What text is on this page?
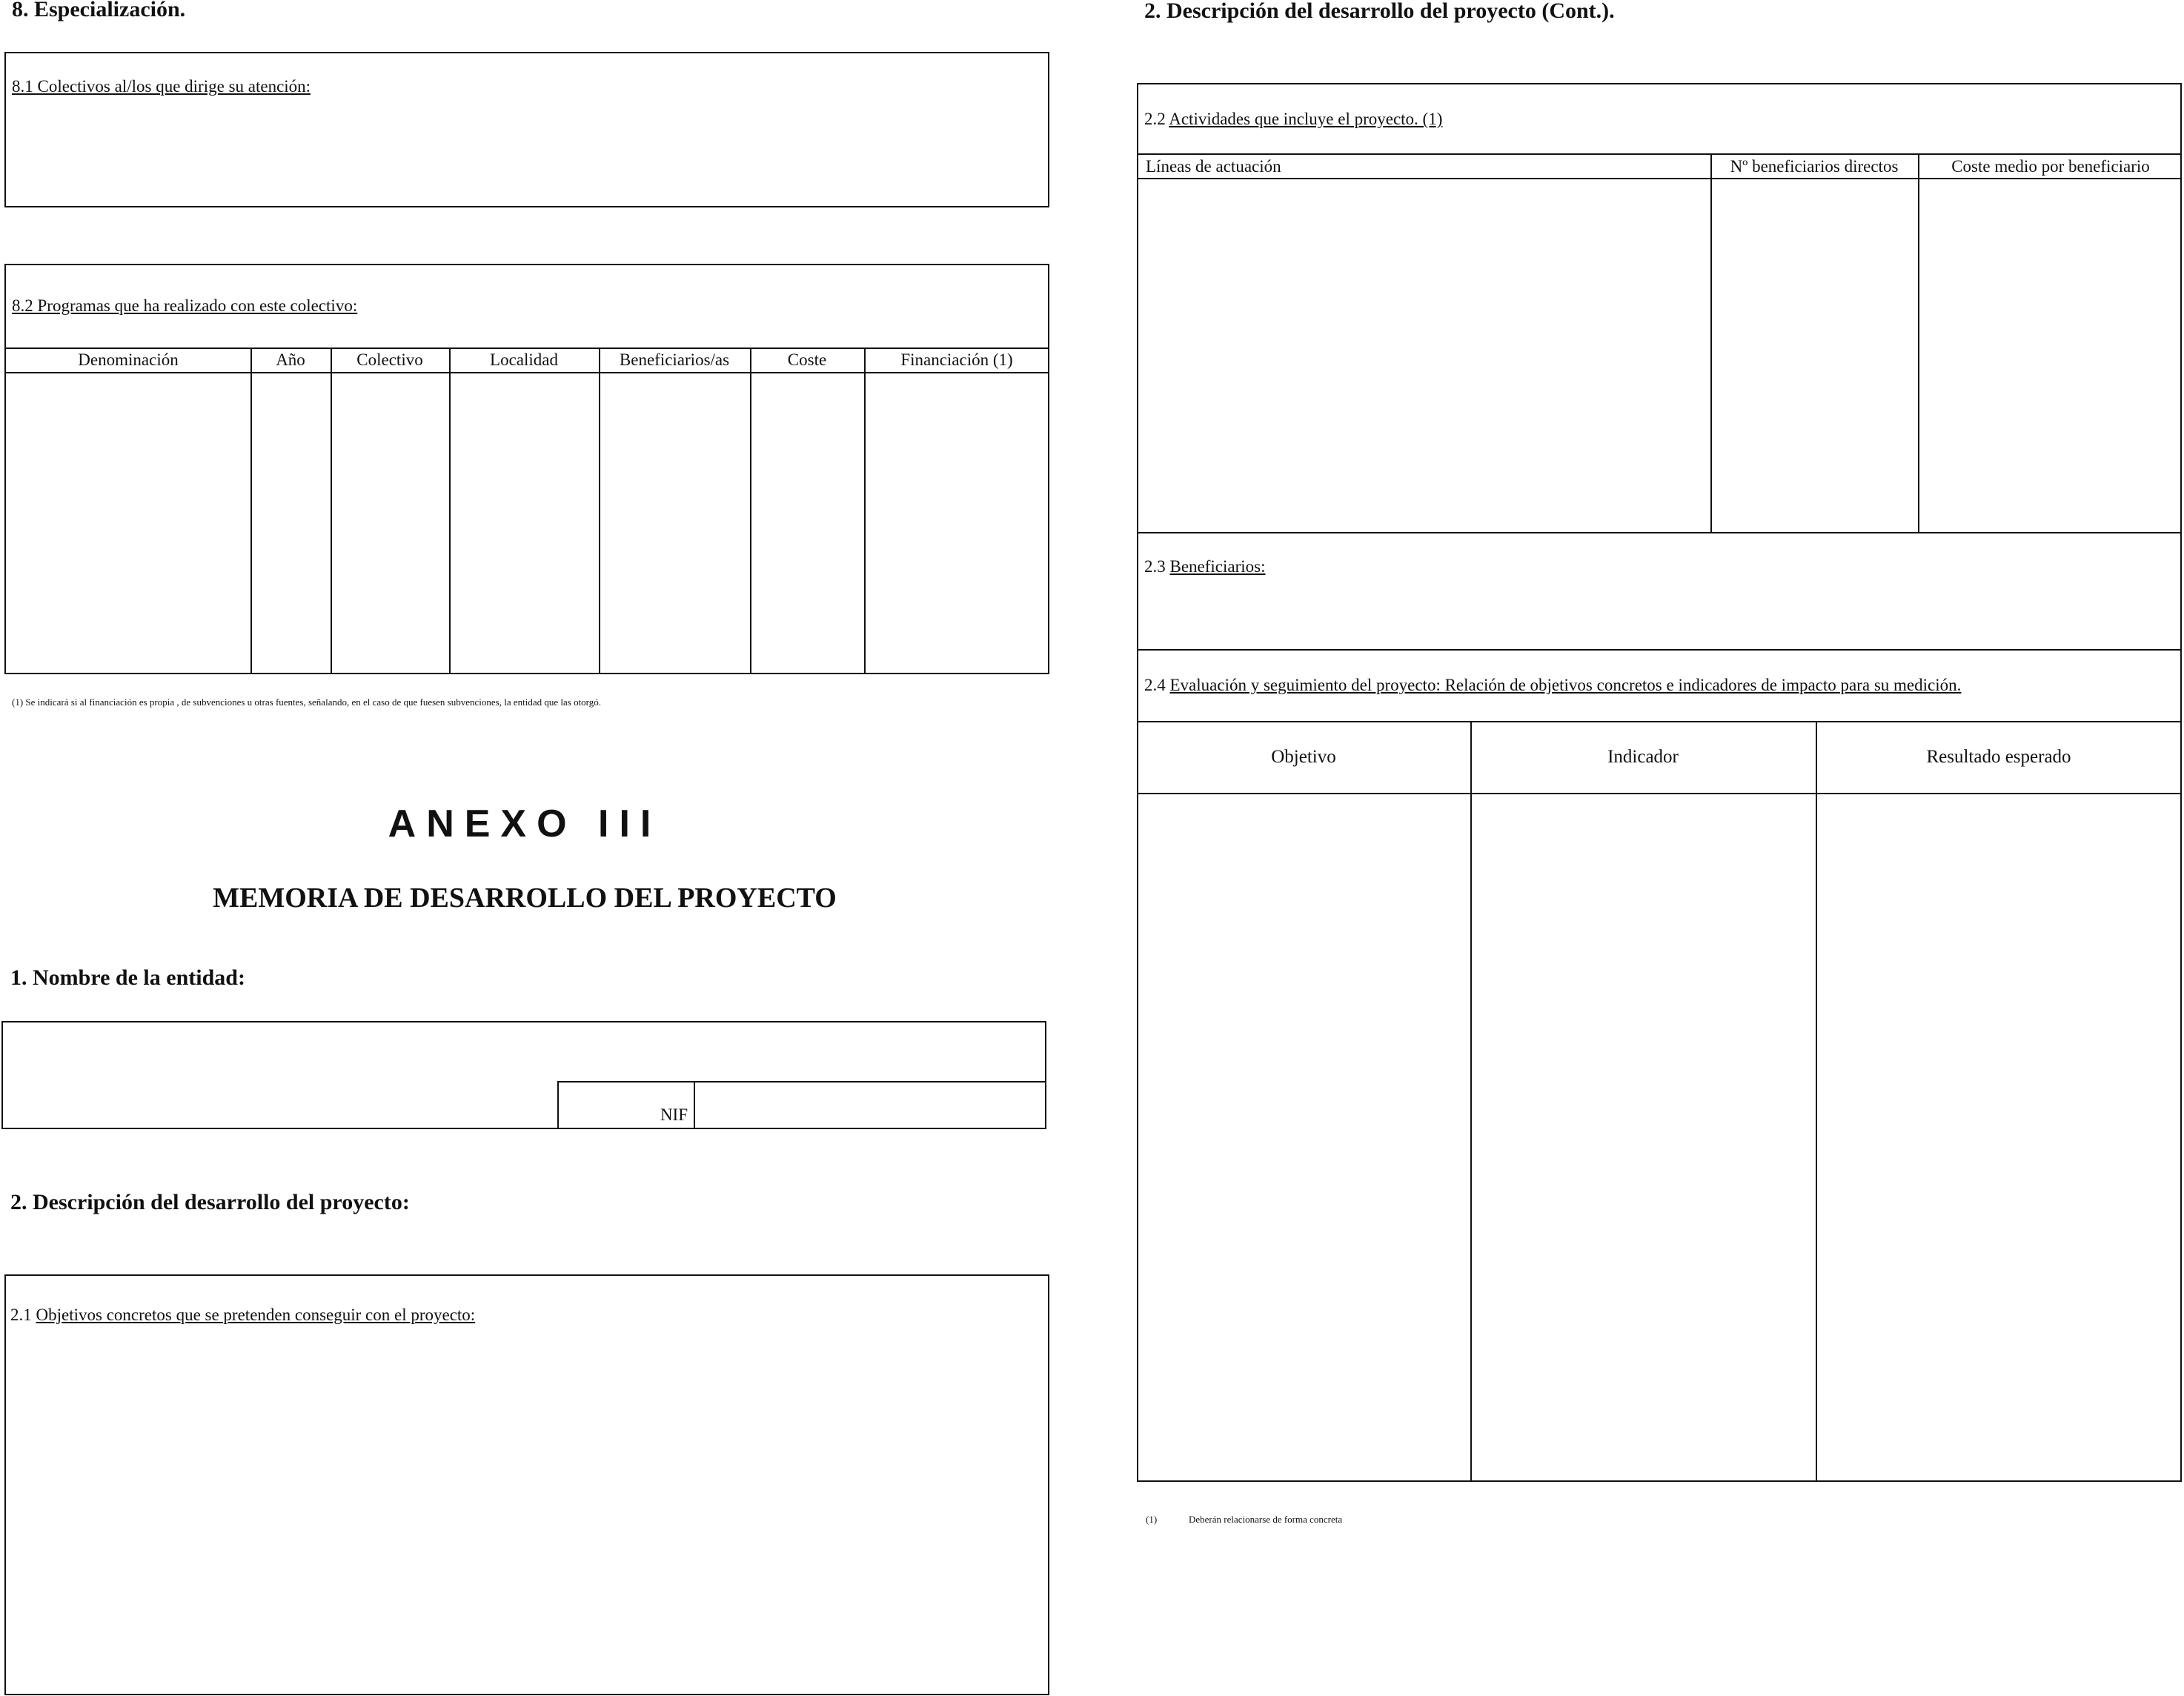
8. Especialización.
8.1 Colectivos al/los que dirige su atención:
8.2 Programas que ha realizado con este colectivo:
Denominación	Año	Colectivo	Localidad	Beneficiarios/as	Coste	Financiación (1)
(1) Se indicará si al financiación es propia , de subvenciones u otras fuentes, señalando, en el caso de que fuesen subvenciones, la entidad que las otorgó.
ANEXO III
MEMORIA DE DESARROLLO DEL PROYECTO
1. Nombre de la entidad:
NIF
2. Descripción del desarrollo del proyecto:
2.1 Objetivos concretos que se pretenden conseguir con el proyecto:
2. Descripción del desarrollo del proyecto (Cont.).
2.2 Actividades que incluye el proyecto. (1)
Líneas de actuación	Nº beneficiarios directos	Coste medio por beneficiario
2.3 Beneficiarios:
2.4 Evaluación y seguimiento del proyecto: Relación de objetivos concretos e indicadores de impacto para su medición.
Objetivo	Indicador	Resultado esperado
(1)	Deberán relacionarse de forma concreta
